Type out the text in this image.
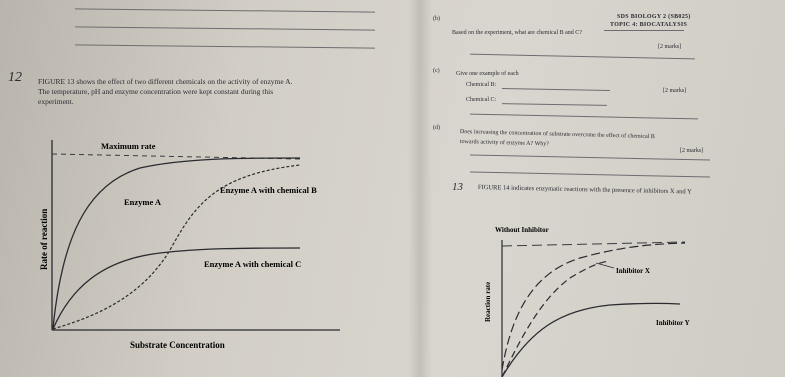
SDS BIOLOGY 2 (SB025)
TOPIC 4: BIOCATALYSIS
12 FIGURE 13 shows the effect of two different chemicals on the activity of enzyme A.
The temperature, pH and enzyme concentration were kept constant during this
experiment.
Rate of reaction
Substrate Concentration
Maximum rate
Enzyme A
Enzyme A with chemical B
Enzyme A with chemical C
(b)
Based on the experiment, what are chemical B and C?
[2 marks]
(c)	Give one example of each
Chemical B:
[2 marks]
Chemical C:
(d)
Does increasing the concentration of substrate overcome the effect of chemical B
towards activity of enzyme A? Why?
[2 marks]
13 FIGURE 14 indicates enzymatic reactions with the presence of inhibitors X and Y
Without Inhibitor
Inhibitor X
Inhibitor Y
Reaction rate
